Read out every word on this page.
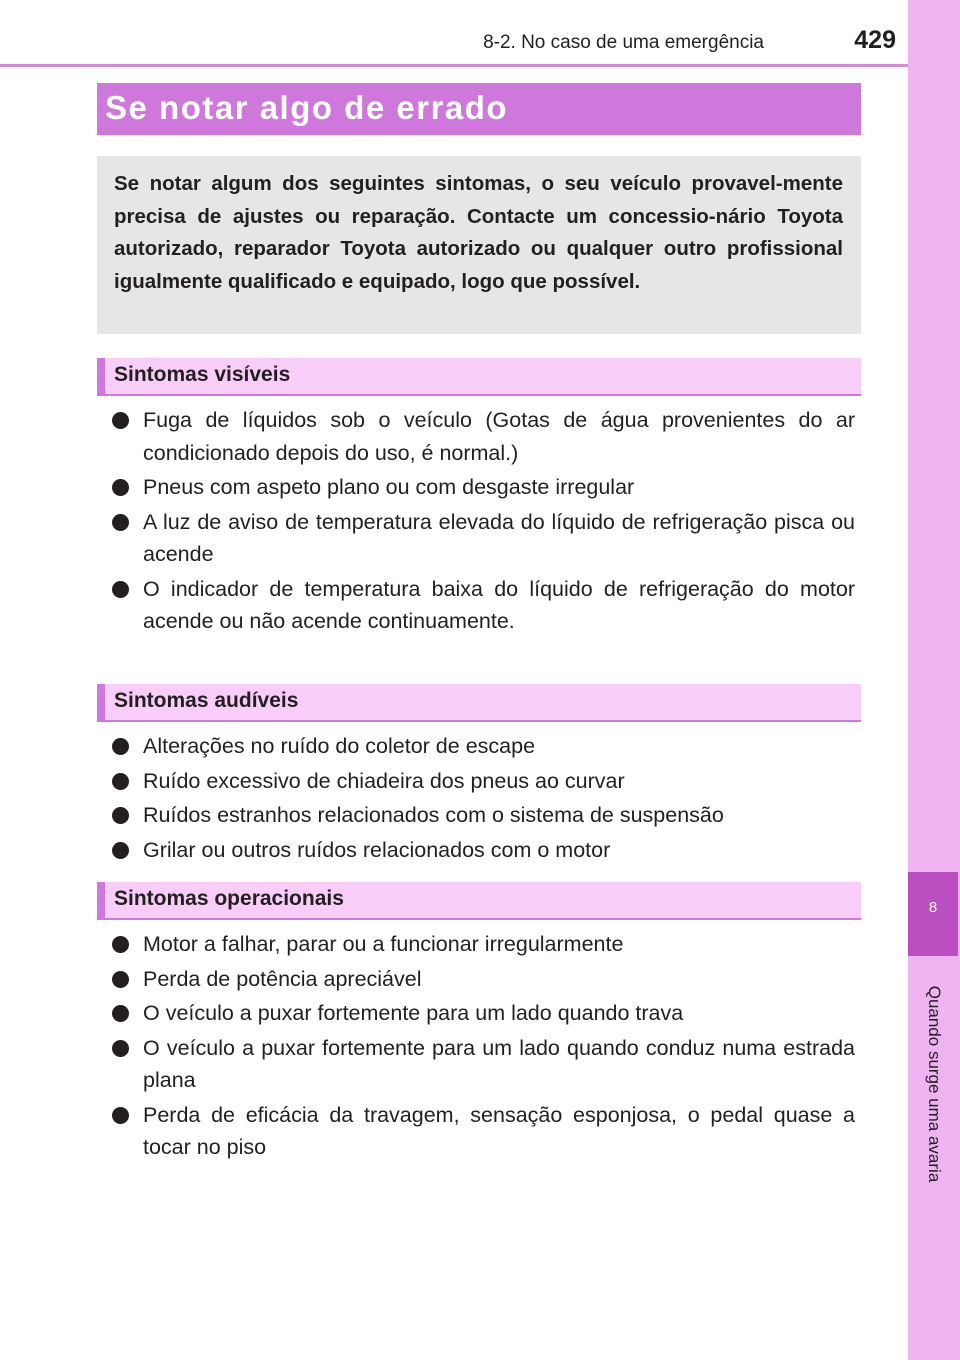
8-2. No caso de uma emergência	429
8
Quando surge uma avaria
Se notar algo de errado

Se notar algum dos seguintes sintomas, o seu veículo provavel-mente precisa de ajustes ou reparação. Contacte um concessio-nário Toyota autorizado, reparador Toyota autorizado ou qualquer outro profissional igualmente qualificado e equipado, logo que possível.

Sintomas visíveis
Fuga de líquidos sob o veículo (Gotas de água provenientes do ar condicionado depois do uso, é normal.)
Pneus com aspeto plano ou com desgaste irregular
A luz de aviso de temperatura elevada do líquido de refrigeração pisca ou acende
O indicador de temperatura baixa do líquido de refrigeração do motor acende ou não acende continuamente.
Sintomas audíveis
Alterações no ruído do coletor de escape
Ruído excessivo de chiadeira dos pneus ao curvar
Ruídos estranhos relacionados com o sistema de suspensão
Grilar ou outros ruídos relacionados com o motor
Sintomas operacionais
Motor a falhar, parar ou a funcionar irregularmente
Perda de potência apreciável
O veículo a puxar fortemente para um lado quando trava
O veículo a puxar fortemente para um lado quando conduz numa estrada plana
Perda de eficácia da travagem, sensação esponjosa, o pedal quase a tocar no piso
